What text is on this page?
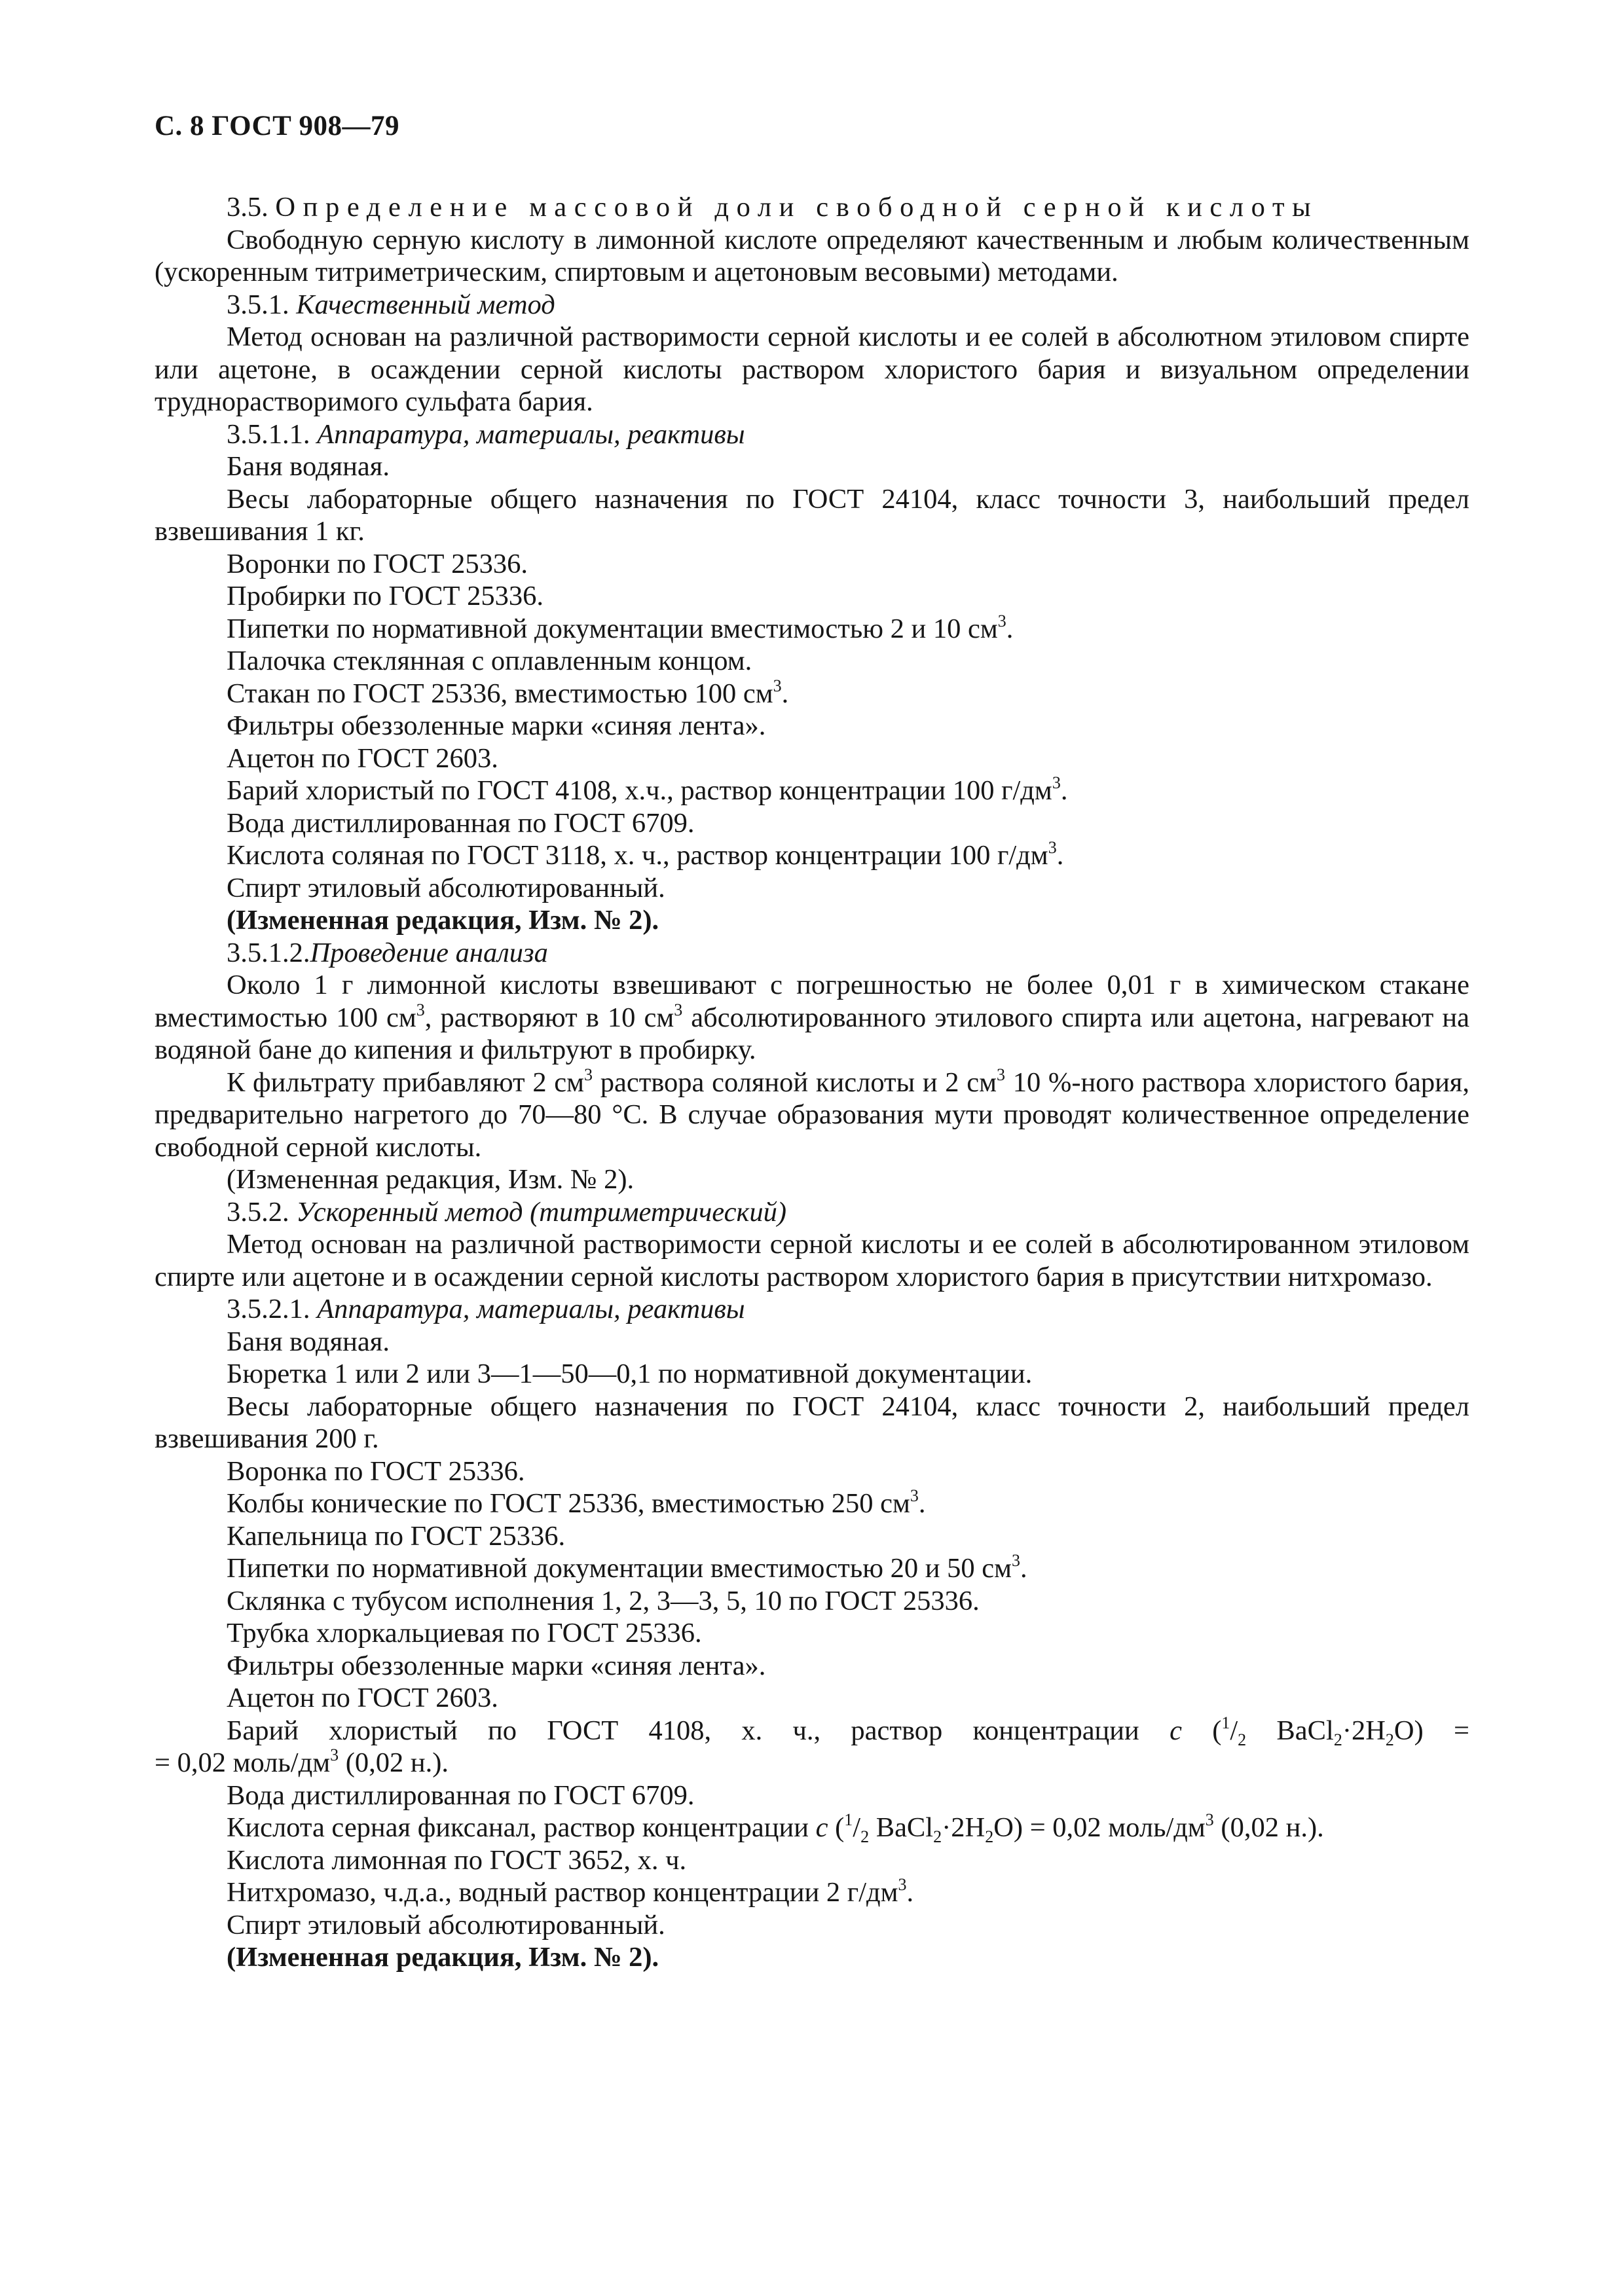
С. 8 ГОСТ 908—79

3.5. Определение массовой доли свободной серной кислоты

Свободную серную кислоту в лимонной кислоте определяют качественным и любым количественным (ускоренным титриметрическим, спиртовым и ацетоновым весовыми) методами.

3.5.1. Качественный метод

Метод основан на различной растворимости серной кислоты и ее солей в абсолютном этиловом спирте или ацетоне, в осаждении серной кислоты раствором хлористого бария и визуальном определении труднорастворимого сульфата бария.

3.5.1.1. Аппаратура, материалы, реактивы

Баня водяная.

Весы лабораторные общего назначения по ГОСТ 24104, класс точности 3, наибольший предел взвешивания 1 кг.

Воронки по ГОСТ 25336.

Пробирки по ГОСТ 25336.

Пипетки по нормативной документации вместимостью 2 и 10 $см^3$.

Палочка стеклянная с оплавленным концом.

Стакан по ГОСТ 25336, вместимостью 100 $см^3$.

Фильтры обеззоленные марки «синяя лента».

Ацетон по ГОСТ 2603.

Барий хлористый по ГОСТ 4108, х.ч., раствор концентрации 100 $г/дм^3$.

Вода дистиллированная по ГОСТ 6709.

Кислота соляная по ГОСТ 3118, х. ч., раствор концентрации 100 $г/дм^3$.

Спирт этиловый абсолютированный.

(Измененная редакция, Изм. № 2).

3.5.1.2.Проведение анализа

Около 1 г лимонной кислоты взвешивают с погрешностью не более 0,01 г в химическом стакане вместимостью 100 $см^3$, растворяют в 10 $см^3$ абсолютированного этилового спирта или ацетона, нагревают на водяной бане до кипения и фильтруют в пробирку.

К фильтрату прибавляют 2 $см^3$ раствора соляной кислоты и 2 $см^3$ 10 %-ного раствора хлористого бария, предварительно нагретого до 70—80 °С. В случае образования мути проводят количественное определение свободной серной кислоты.

(Измененная редакция, Изм. № 2).

3.5.2. Ускоренный метод (титриметрический)

Метод основан на различной растворимости серной кислоты и ее солей в абсолютированном этиловом спирте или ацетоне и в осаждении серной кислоты раствором хлористого бария в присутствии нитхромазо.

3.5.2.1. Аппаратура, материалы, реактивы

Баня водяная.

Бюретка 1 или 2 или 3—1—50—0,1 по нормативной документации.

Весы лабораторные общего назначения по ГОСТ 24104, класс точности 2, наибольший предел взвешивания 200 г.

Воронка по ГОСТ 25336.

Колбы конические по ГОСТ 25336, вместимостью 250 $см^3$.

Капельница по ГОСТ 25336.

Пипетки по нормативной документации вместимостью 20 и 50 $см^3$.

Склянка с тубусом исполнения 1, 2, 3—3, 5, 10 по ГОСТ 25336.

Трубка хлоркальциевая по ГОСТ 25336.

Фильтры обеззоленные марки «синяя лента».

Ацетон по ГОСТ 2603.

Барий хлористый по ГОСТ 4108, х. ч., раствор концентрации с ($^1/_2$ $BaCl_2\cdot 2H_2O$) =

= 0,02 моль/$дм^3$ (0,02 н.).

Вода дистиллированная по ГОСТ 6709.

Кислота серная фиксанал, раствор концентрации с ($^1/_2$ $BaCl_2\cdot 2H_2O) = 0,02$ моль/$дм^3$ (0,02 н.).

Кислота лимонная по ГОСТ 3652, х. ч.

Нитхромазо, ч.д.а., водный раствор концентрации 2 $г/дм^3$.

Спирт этиловый абсолютированный.

(Измененная редакция, Изм. № 2).
